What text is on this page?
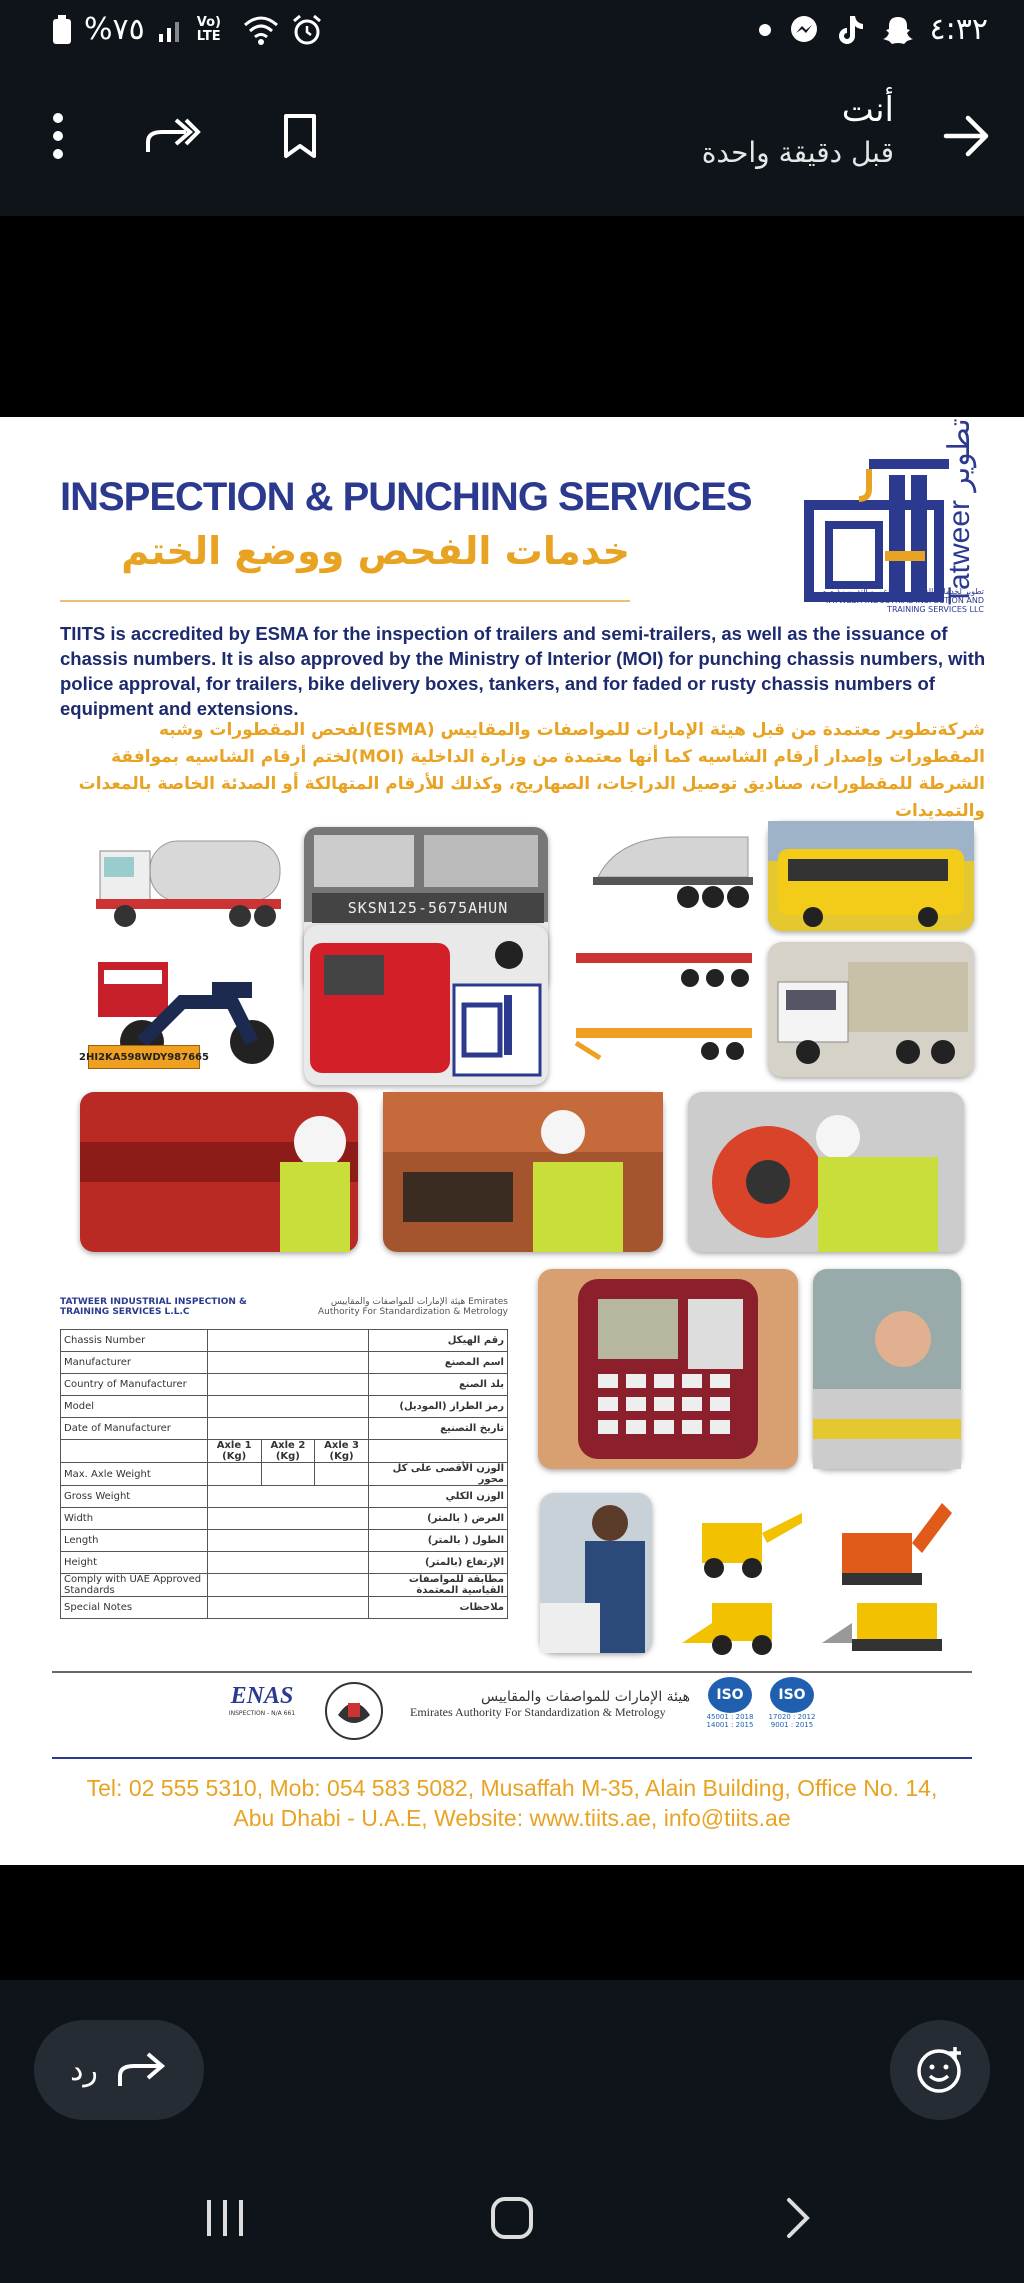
%٧٥	Vo) LTE	٤:٣٢
أنت
قبل دقيقة واحدة
INSPECTION & PUNCHING SERVICES
خدمات الفحص ووضع الختم	Tatweer تطوير
تطوير لخدمات التفتيش الصناعي و التدريب ذ.م.م TATWEER INDUSTRIAL INSPECTION AND TRAINING SERVICES LLC
TIITS is accredited by ESMA for the inspection of trailers and semi-trailers, as well as the issuance of chassis numbers. It is also approved by the Ministry of Interior (MOI) for punching chassis numbers, with police approval, for trailers, bike delivery boxes, tankers, and for faded or rusty chassis numbers of equipment and extensions.
شركةتطوير معتمدة من قبل هيئة الإمارات للمواصفات والمقاييس (ESMA)لفحص المقطورات وشبه المقطورات وإصدار أرقام الشاسيه كما أنها معتمدة من وزارة الداخلية (MOI)لختم أرقام الشاسيه بموافقة الشرطة للمقطورات، صناديق توصيل الدراجات، الصهاريج، وكذلك للأرقام المتهالكة أو الصدئة الخاصة بالمعدات والتمديدات
2HI2KA598WDY987665
SKSN125-5675AHUN
TATWEER INDUSTRIAL INSPECTION & TRAINING SERVICES L.L.C
هيئة الإمارات للمواصفات والمقاييس Emirates Authority For Standardization & Metrology
Chassis Number				رقم الهيكل
Manufacturer				اسم المصنع
Country of Manufacturer				بلد الصنع
Model				رمز الطراز (الموديل)
Date of Manufacturer				تاريخ التصنيع
	Axle 1 (Kg)	Axle 2 (Kg)	Axle 3 (Kg)	
Max. Axle Weight				الوزن الأقصى على كل محور
Gross Weight				الوزن الكلي
Width				العرض ( بالمتر)
Length				الطول ( بالمتر)
Height				الإرتفاع (بالمتر)
Comply with UAE Approved Standards				مطابقة للمواصفات القياسية المعتمدة
Special Notes				ملاحظات
ENAS
INSPECTION - N/A 661
هيئة الإمارات للمواصفات والمقاييس
Emirates Authority For Standardization & Metrology
ISO
45001 : 2018 14001 : 2015
ISO
17020 : 2012 9001 : 2015
Tel: 02 555 5310, Mob: 054 583 5082, Musaffah M-35, Alain Building, Office No. 14,
Abu Dhabi - U.A.E, Website: www.tiits.ae, info@tiits.ae
رد
